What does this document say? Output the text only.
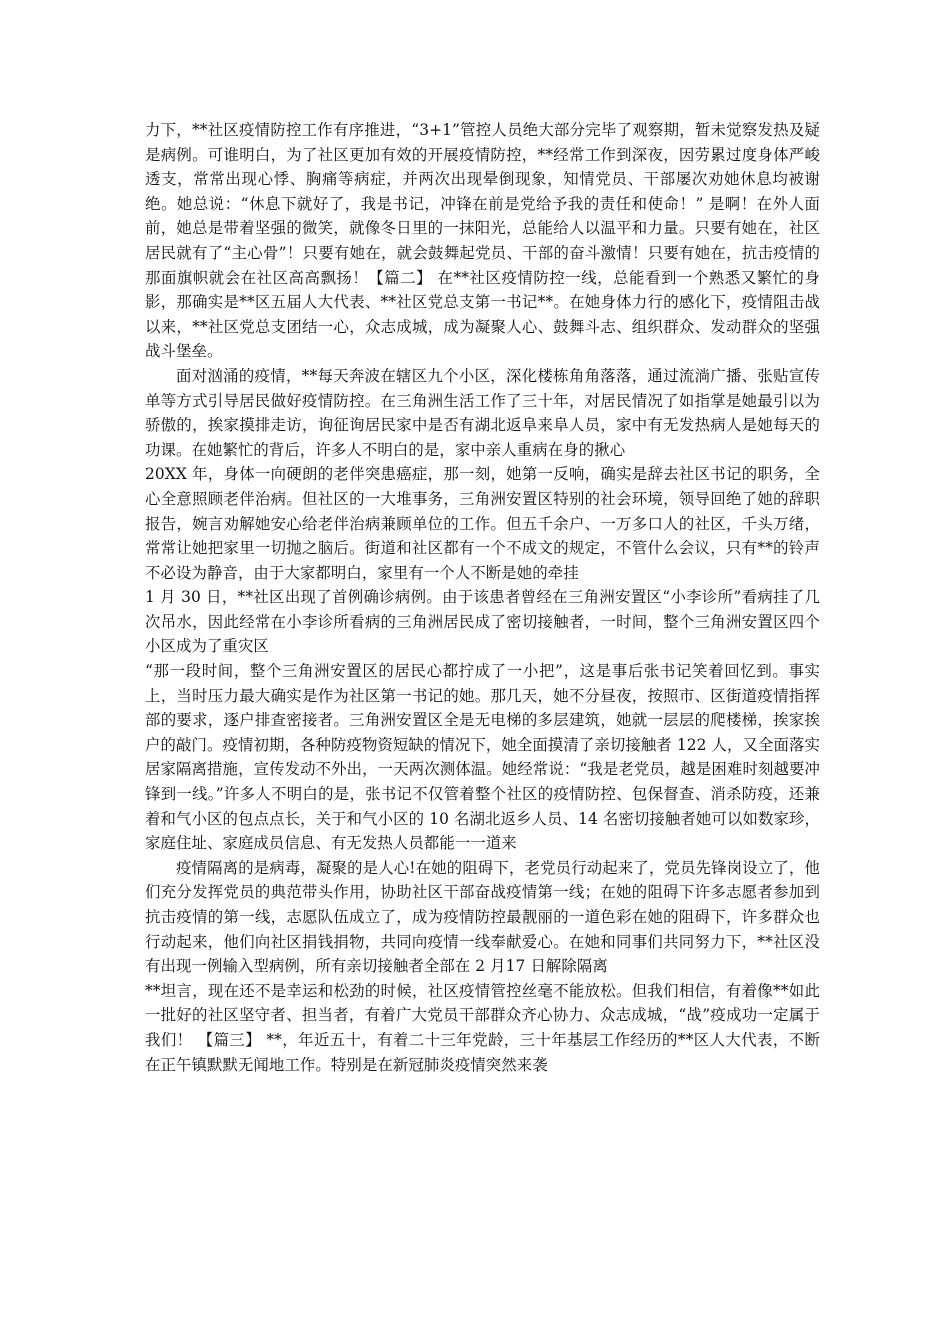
力下，**社区疫情防控工作有序推进，“3+1”管控人员绝大部分完毕了观察期，暂未觉察发热及疑是病例。可谁明白，为了社区更加有效的开展疫情防控，**经常工作到深夜，因劳累过度身体严峻透支，常常出现心悸、胸痛等病症，并两次出现晕倒现象，知情党员、干部屡次劝她休息均被谢绝。她总说：“休息下就好了，我是书记，冲锋在前是党给予我的责任和使命！” 是啊！在外人面前，她总是带着坚强的微笑，就像冬日里的一抹阳光，总能给人以温平和力量。只要有她在，社区居民就有了“主心骨”！只要有她在，就会鼓舞起党员、干部的奋斗激情！只要有她在，抗击疫情的那面旗帜就会在社区高高飘扬！【篇二】 在**社区疫情防控一线，总能看到一个熟悉又繁忙的身影，那确实是**区五届人大代表、**社区党总支第一书记**。在她身体力行的感化下，疫情阻击战以来，**社区党总支团结一心，众志成城，成为凝聚人心、鼓舞斗志、组织群众、发动群众的坚强战斗堡垒。

面对汹涌的疫情，**每天奔波在辖区九个小区，深化楼栋角角落落，通过流淌广播、张贴宣传单等方式引导居民做好疫情防控。在三角洲生活工作了三十年，对居民情况了如指掌是她最引以为骄傲的，挨家摸排走访，询征询居民家中是否有湖北返阜来阜人员，家中有无发热病人是她每天的功课。在她繁忙的背后，许多人不明白的是，家中亲人重病在身的揪心

20XX 年，身体一向硬朗的老伴突患癌症，那一刻，她第一反响，确实是辞去社区书记的职务，全心全意照顾老伴治病。但社区的一大堆事务，三角洲安置区特别的社会环境，领导回绝了她的辞职报告，婉言劝解她安心给老伴治病兼顾单位的工作。但五千余户、一万多口人的社区，千头万绪，常常让她把家里一切抛之脑后。街道和社区都有一个不成文的规定，不管什么会议，只有**的铃声不必设为静音，由于大家都明白，家里有一个人不断是她的牵挂

1 月 30 日，**社区出现了首例确诊病例。由于该患者曾经在三角洲安置区“小李诊所”看病挂了几次吊水，因此经常在小李诊所看病的三角洲居民成了密切接触者，一时间，整个三角洲安置区四个小区成为了重灾区

“那一段时间，整个三角洲安置区的居民心都拧成了一小把”，这是事后张书记笑着回忆到。事实上，当时压力最大确实是作为社区第一书记的她。那几天，她不分昼夜，按照市、区街道疫情指挥部的要求，逐户排查密接者。三角洲安置区全是无电梯的多层建筑，她就一层层的爬楼梯，挨家挨户的敲门。疫情初期，各种防疫物资短缺的情况下，她全面摸清了亲切接触者 122 人，又全面落实居家隔离措施，宣传发动不外出，一天两次测体温。她经常说：“我是老党员，越是困难时刻越要冲锋到一线。”许多人不明白的是，张书记不仅管着整个社区的疫情防控、包保督查、消杀防疫，还兼着和气小区的包点点长，关于和气小区的 10 名湖北返乡人员、14 名密切接触者她可以如数家珍，家庭住址、家庭成员信息、有无发热人员都能一一道来

疫情隔离的是病毒，凝聚的是人心!在她的阻碍下，老党员行动起来了，党员先锋岗设立了，他们充分发挥党员的典范带头作用，协助社区干部奋战疫情第一线；在她的阻碍下许多志愿者参加到抗击疫情的第一线，志愿队伍成立了，成为疫情防控最靓丽的一道色彩在她的阻碍下，许多群众也行动起来，他们向社区捐钱捐物，共同向疫情一线奉献爱心。在她和同事们共同努力下，**社区没有出现一例输入型病例，所有亲切接触者全部在 2 月17 日解除隔离

**坦言，现在还不是幸运和松劲的时候，社区疫情管控丝毫不能放松。但我们相信，有着像**如此一批好的社区坚守者、担当者，有着广大党员干部群众齐心协力、众志成城，“战”疫成功一定属于我们！ 【篇三】 **，年近五十，有着二十三年党龄，三十年基层工作经历的**区人大代表，不断在正午镇默默无闻地工作。特别是在新冠肺炎疫情突然来袭
